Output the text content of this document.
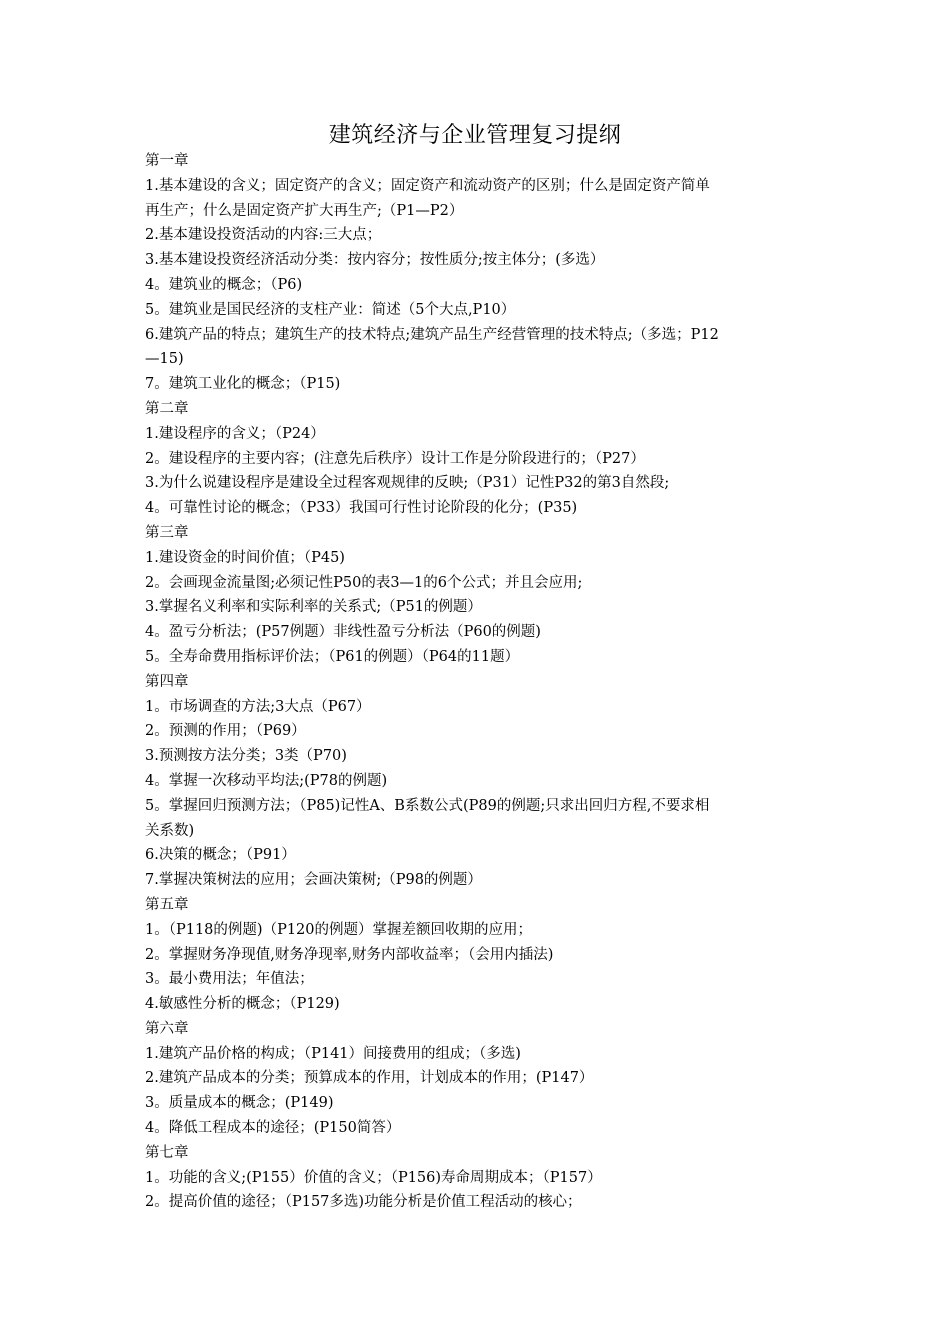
建筑经济与企业管理复习提纲
第一章
1.基本建设的含义；固定资产的含义；固定资产和流动资产的区别；什么是固定资产简单
再生产；什么是固定资产扩大再生产;（P1—P2）
2.基本建设投资活动的内容:三大点；
3.基本建设投资经济活动分类：按内容分；按性质分;按主体分；(多选）
4。建筑业的概念；（P6)
5。建筑业是国民经济的支柱产业：简述（5个大点,P10）
6.建筑产品的特点；建筑生产的技术特点;建筑产品生产经营管理的技术特点;（多选；P12
—15)
7。建筑工业化的概念；（P15)
第二章
1.建设程序的含义；（P24）
2。建设程序的主要内容；(注意先后秩序）设计工作是分阶段进行的；（P27）
3.为什么说建设程序是建设全过程客观规律的反映;（P31）记性P32的第3自然段;
4。可靠性讨论的概念；（P33）我国可行性讨论阶段的化分；(P35)
第三章
1.建设资金的时间价值；（P45)
2。会画现金流量图;必须记性P50的表3—1的6个公式；并且会应用;
3.掌握名义利率和实际利率的关系式;（P51的例题）
4。盈亏分析法；(P57例题）非线性盈亏分析法（P60的例题)
5。全寿命费用指标评价法；（P61的例题）（P64的11题）
第四章
1。市场调查的方法;3大点（P67）
2。预测的作用；（P69）
3.预测按方法分类；3类（P70)
4。掌握一次移动平均法;(P78的例题)
5。掌握回归预测方法；（P85)记性A、B系数公式(P89的例题;只求出回归方程,不要求相
关系数)
6.决策的概念；（P91）
7.掌握决策树法的应用；会画决策树;（P98的例题）
第五章
1。（P118的例题)（P120的例题）掌握差额回收期的应用；
2。掌握财务净现值,财务净现率,财务内部收益率；（会用内插法)
3。最小费用法；年值法；
4.敏感性分析的概念；（P129)
第六章
1.建筑产品价格的构成；（P141）间接费用的组成；（多选)
2.建筑产品成本的分类；预算成本的作用，计划成本的作用；(P147）
3。质量成本的概念；(P149)
4。降低工程成本的途径；(P150简答）
第七章
1。功能的含义;(P155）价值的含义；（P156)寿命周期成本；（P157）
2。提高价值的途径；（P157多选)功能分析是价值工程活动的核心；
